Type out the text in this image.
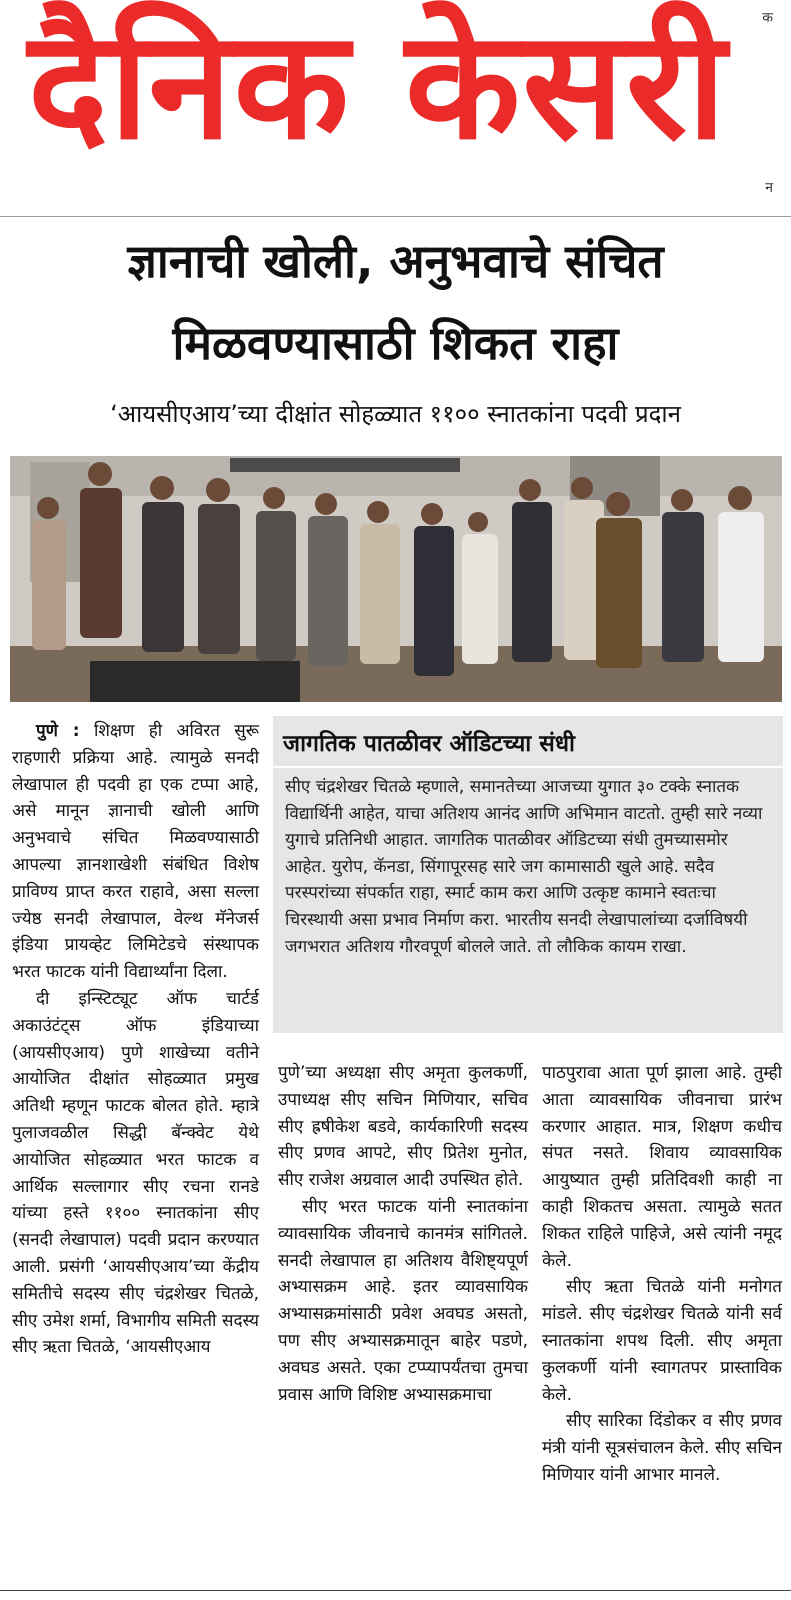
दैनिक केसरी क
न
ज्ञानाची खोली, अनुभवाचे संचित
मिळवण्यासाठी शिकत राहा
‘आयसीएआय’च्या दीक्षांत सोहळ्यात ११०० स्नातकांना पदवी प्रदान

पुणे : शिक्षण ही अविरत सुरू राहणारी प्रक्रिया आहे. त्यामुळे सनदी लेखापाल ही पदवी हा एक टप्पा आहे, असे मानून ज्ञानाची खोली आणि अनुभवाचे संचित मिळवण्यासाठी आपल्या ज्ञानशाखेशी संबंधित विशेष प्राविण्य प्राप्त करत राहावे, असा सल्ला ज्येष्ठ सनदी लेखापाल, वेल्थ मॅनेजर्स इंडिया प्रायव्हेट लिमिटेडचे संस्थापक भरत फाटक यांनी विद्यार्थ्यांना दिला.

दी इन्स्टिट्यूट ऑफ चार्टर्ड अकाउंटंट्स ऑफ इंडियाच्या (आयसीएआय) पुणे शाखेच्या वतीने आयोजित दीक्षांत सोहळ्यात प्रमुख अतिथी म्हणून फाटक बोलत होते. म्हात्रे पुलाजवळील सिद्धी बॅन्क्वेट येथे आयोजित सोहळ्यात भरत फाटक व आर्थिक सल्लागार सीए रचना रानडे यांच्या हस्ते ११०० स्नातकांना सीए (सनदी लेखापाल) पदवी प्रदान करण्यात आली. प्रसंगी ‘आयसीएआय’च्या केंद्रीय समितीचे सदस्य सीए चंद्रशेखर चितळे, सीए उमेश शर्मा, विभागीय समिती सदस्य सीए ऋता चितळे, ‘आयसीएआय

जागतिक पातळीवर ऑडिटच्या संधी
सीए चंद्रशेखर चितळे म्हणाले, समानतेच्या आजच्या युगात ३० टक्के स्नातक विद्यार्थिनी आहेत, याचा अतिशय आनंद आणि अभिमान वाटतो. तुम्ही सारे नव्या युगाचे प्रतिनिधी आहात. जागतिक पातळीवर ऑडिटच्या संधी तुमच्यासमोर आहेत. युरोप, कॅनडा, सिंगापूरसह सारे जग कामासाठी खुले आहे. सदैव परस्परांच्या संपर्कात राहा, स्मार्ट काम करा आणि उत्कृष्ट कामाने स्वतःचा चिरस्थायी असा प्रभाव निर्माण करा. भारतीय सनदी लेखापालांच्या दर्जाविषयी जगभरात अतिशय गौरवपूर्ण बोलले जाते. तो लौकिक कायम राखा.

पुणे’च्या अध्यक्षा सीए अमृता कुलकर्णी, उपाध्यक्ष सीए सचिन मिणियार, सचिव सीए ह्रषीकेश बडवे, कार्यकारिणी सदस्य सीए प्रणव आपटे, सीए प्रितेश मुनोत, सीए राजेश अग्रवाल आदी उपस्थित होते.

सीए भरत फाटक यांनी स्नातकांना व्यावसायिक जीवनाचे कानमंत्र सांगितले. सनदी लेखापाल हा अतिशय वैशिष्ट्यपूर्ण अभ्यासक्रम आहे. इतर व्यावसायिक अभ्यासक्रमांसाठी प्रवेश अवघड असतो, पण सीए अभ्यासक्रमातून बाहेर पडणे, अवघड असते. एका टप्प्यापर्यंतचा तुमचा प्रवास आणि विशिष्ट अभ्यासक्रमाचा

पाठपुरावा आता पूर्ण झाला आहे. तुम्ही आता व्यावसायिक जीवनाचा प्रारंभ करणार आहात. मात्र, शिक्षण कधीच संपत नसते. शिवाय व्यावसायिक आयुष्यात तुम्ही प्रतिदिवशी काही ना काही शिकतच असता. त्यामुळे सतत शिकत राहिले पाहिजे, असे त्यांनी नमूद केले.

सीए ऋता चितळे यांनी मनोगत मांडले. सीए चंद्रशेखर चितळे यांनी सर्व स्नातकांना शपथ दिली. सीए अमृता कुलकर्णी यांनी स्वागतपर प्रास्ताविक केले.

सीए सारिका दिंडोकर व सीए प्रणव मंत्री यांनी सूत्रसंचालन केले. सीए सचिन मिणियार यांनी आभार मानले.
